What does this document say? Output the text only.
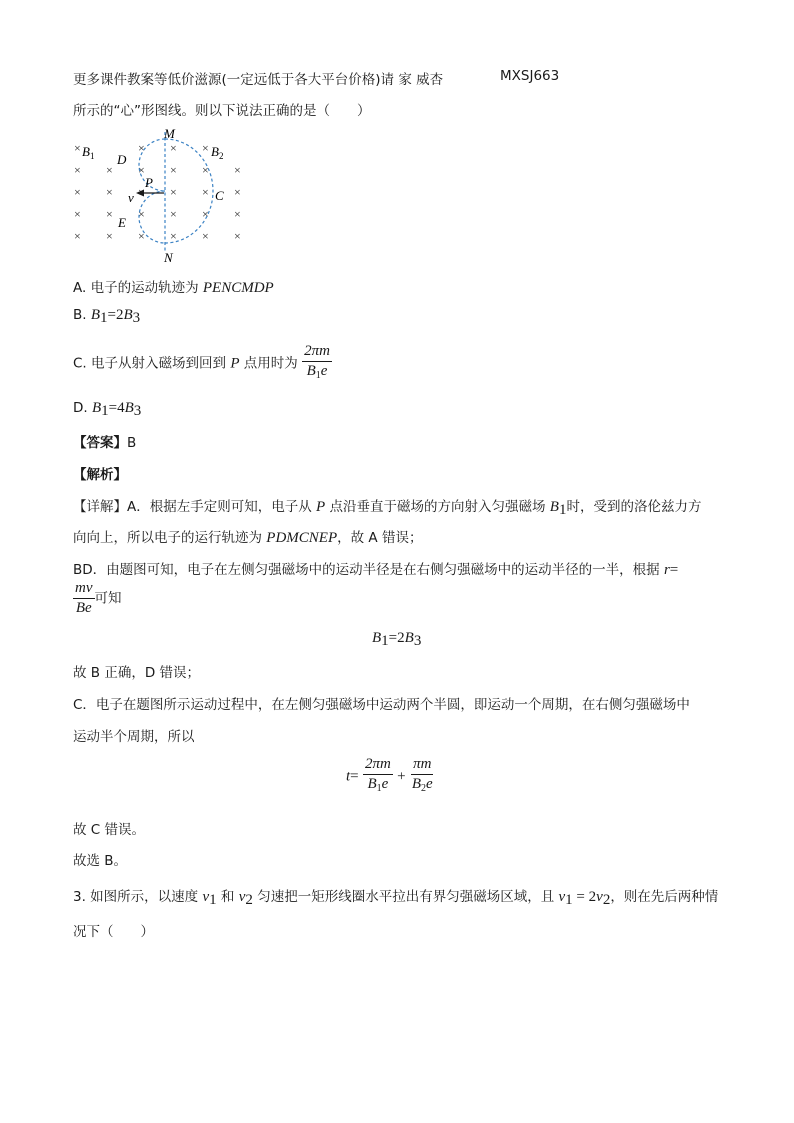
更多课件教案等低价滋源(一定远低于各大平台价格)请 家 威杏	MXSJ663
所示的“心”形图线。则以下说法正确的是（　　）
×	× × ×
× × × × × ×
× ×	× × ×
× × × × × ×
× × × × × ×
$B_1$	$B_2$
M
N
D
E
P
v	C
A. 电子的运动轨迹为 PENCMDP
B. $B_1=2B_3$
C. 电子从射入磁场到回到 P 点用时为 $\frac{2\pi m}{B_1e}$
D. $B_1=4B_3$
【答案】B
【解析】
【详解】A．根据左手定则可知，电子从 P 点沿垂直于磁场的方向射入匀强磁场 $B_1$时，受到的洛伦兹力方
向向上，所以电子的运行轨迹为 PDMCNEP，故 A 错误；
BD．由题图可知，电子在左侧匀强磁场中的运动半径是在右侧匀强磁场中的运动半径的一半，根据 r=
$\frac{mv}{Be}$ 可知
$B_1=2B_3$
故 B 正确，D 错误；
C．电子在题图所示运动过程中，在左侧匀强磁场中运动两个半圆，即运动一个周期，在右侧匀强磁场中
运动半个周期，所以
$t= \frac{2\pi m}{B_1e} + \frac{\pi m}{B_2e}$
故 C 错误。
故选 B。
3. 如图所示，以速度 $v_1$ 和 $v_2$ 匀速把一矩形线圈水平拉出有界匀强磁场区域，且 $v_1 = 2v_2$，则在先后两种情
况下（　　）
